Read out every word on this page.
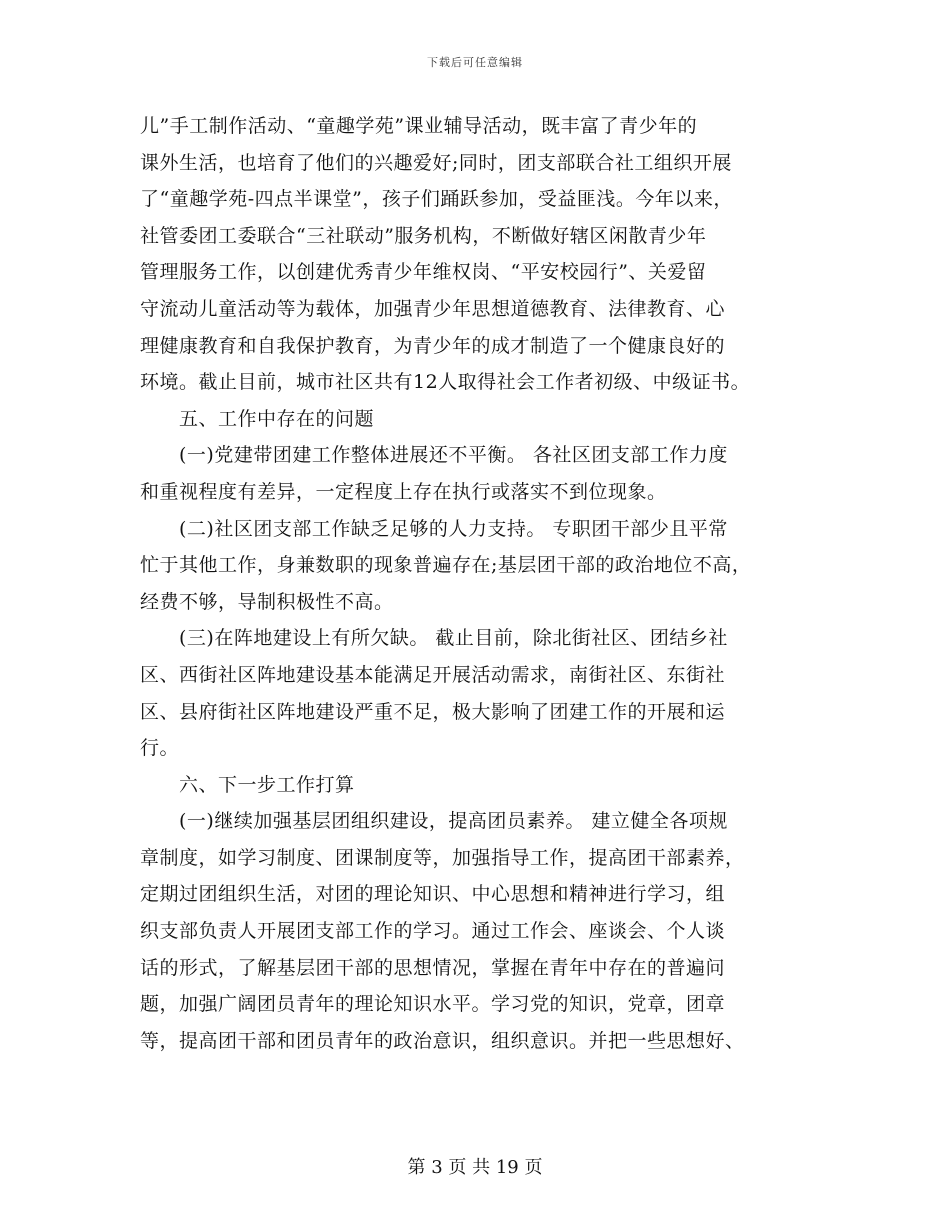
下载后可任意编辑
儿”手工制作活动、“童趣学苑”课业辅导活动，既丰富了青少年的
课外生活，也培育了他们的兴趣爱好;同时，团支部联合社工组织开展
了“童趣学苑-四点半课堂”，孩子们踊跃参加，受益匪浅。今年以来，
社管委团工委联合“三社联动”服务机构，不断做好辖区闲散青少年
管理服务工作，以创建优秀青少年维权岗、“平安校园行”、关爱留
守流动儿童活动等为载体，加强青少年思想道德教育、法律教育、心
理健康教育和自我保护教育，为青少年的成才制造了一个健康良好的
环境。截止目前，城市社区共有12人取得社会工作者初级、中级证书。
　　五、工作中存在的问题
　　(一)党建带团建工作整体进展还不平衡。 各社区团支部工作力度
和重视程度有差异，一定程度上存在执行或落实不到位现象。
　　(二)社区团支部工作缺乏足够的人力支持。 专职团干部少且平常
忙于其他工作，身兼数职的现象普遍存在;基层团干部的政治地位不高，
经费不够，导制积极性不高。
　　(三)在阵地建设上有所欠缺。 截止目前，除北街社区、团结乡社
区、西街社区阵地建设基本能满足开展活动需求，南街社区、东街社
区、县府街社区阵地建设严重不足，极大影响了团建工作的开展和运
行。
　　六、下一步工作打算
　　(一)继续加强基层团组织建设，提高团员素养。 建立健全各项规
章制度，如学习制度、团课制度等，加强指导工作，提高团干部素养，
定期过团组织生活，对团的理论知识、中心思想和精神进行学习，组
织支部负责人开展团支部工作的学习。通过工作会、座谈会、个人谈
话的形式，了解基层团干部的思想情况，掌握在青年中存在的普遍问
题，加强广阔团员青年的理论知识水平。学习党的知识，党章，团章
等，提高团干部和团员青年的政治意识，组织意识。并把一些思想好、
第 3 页 共 19 页
